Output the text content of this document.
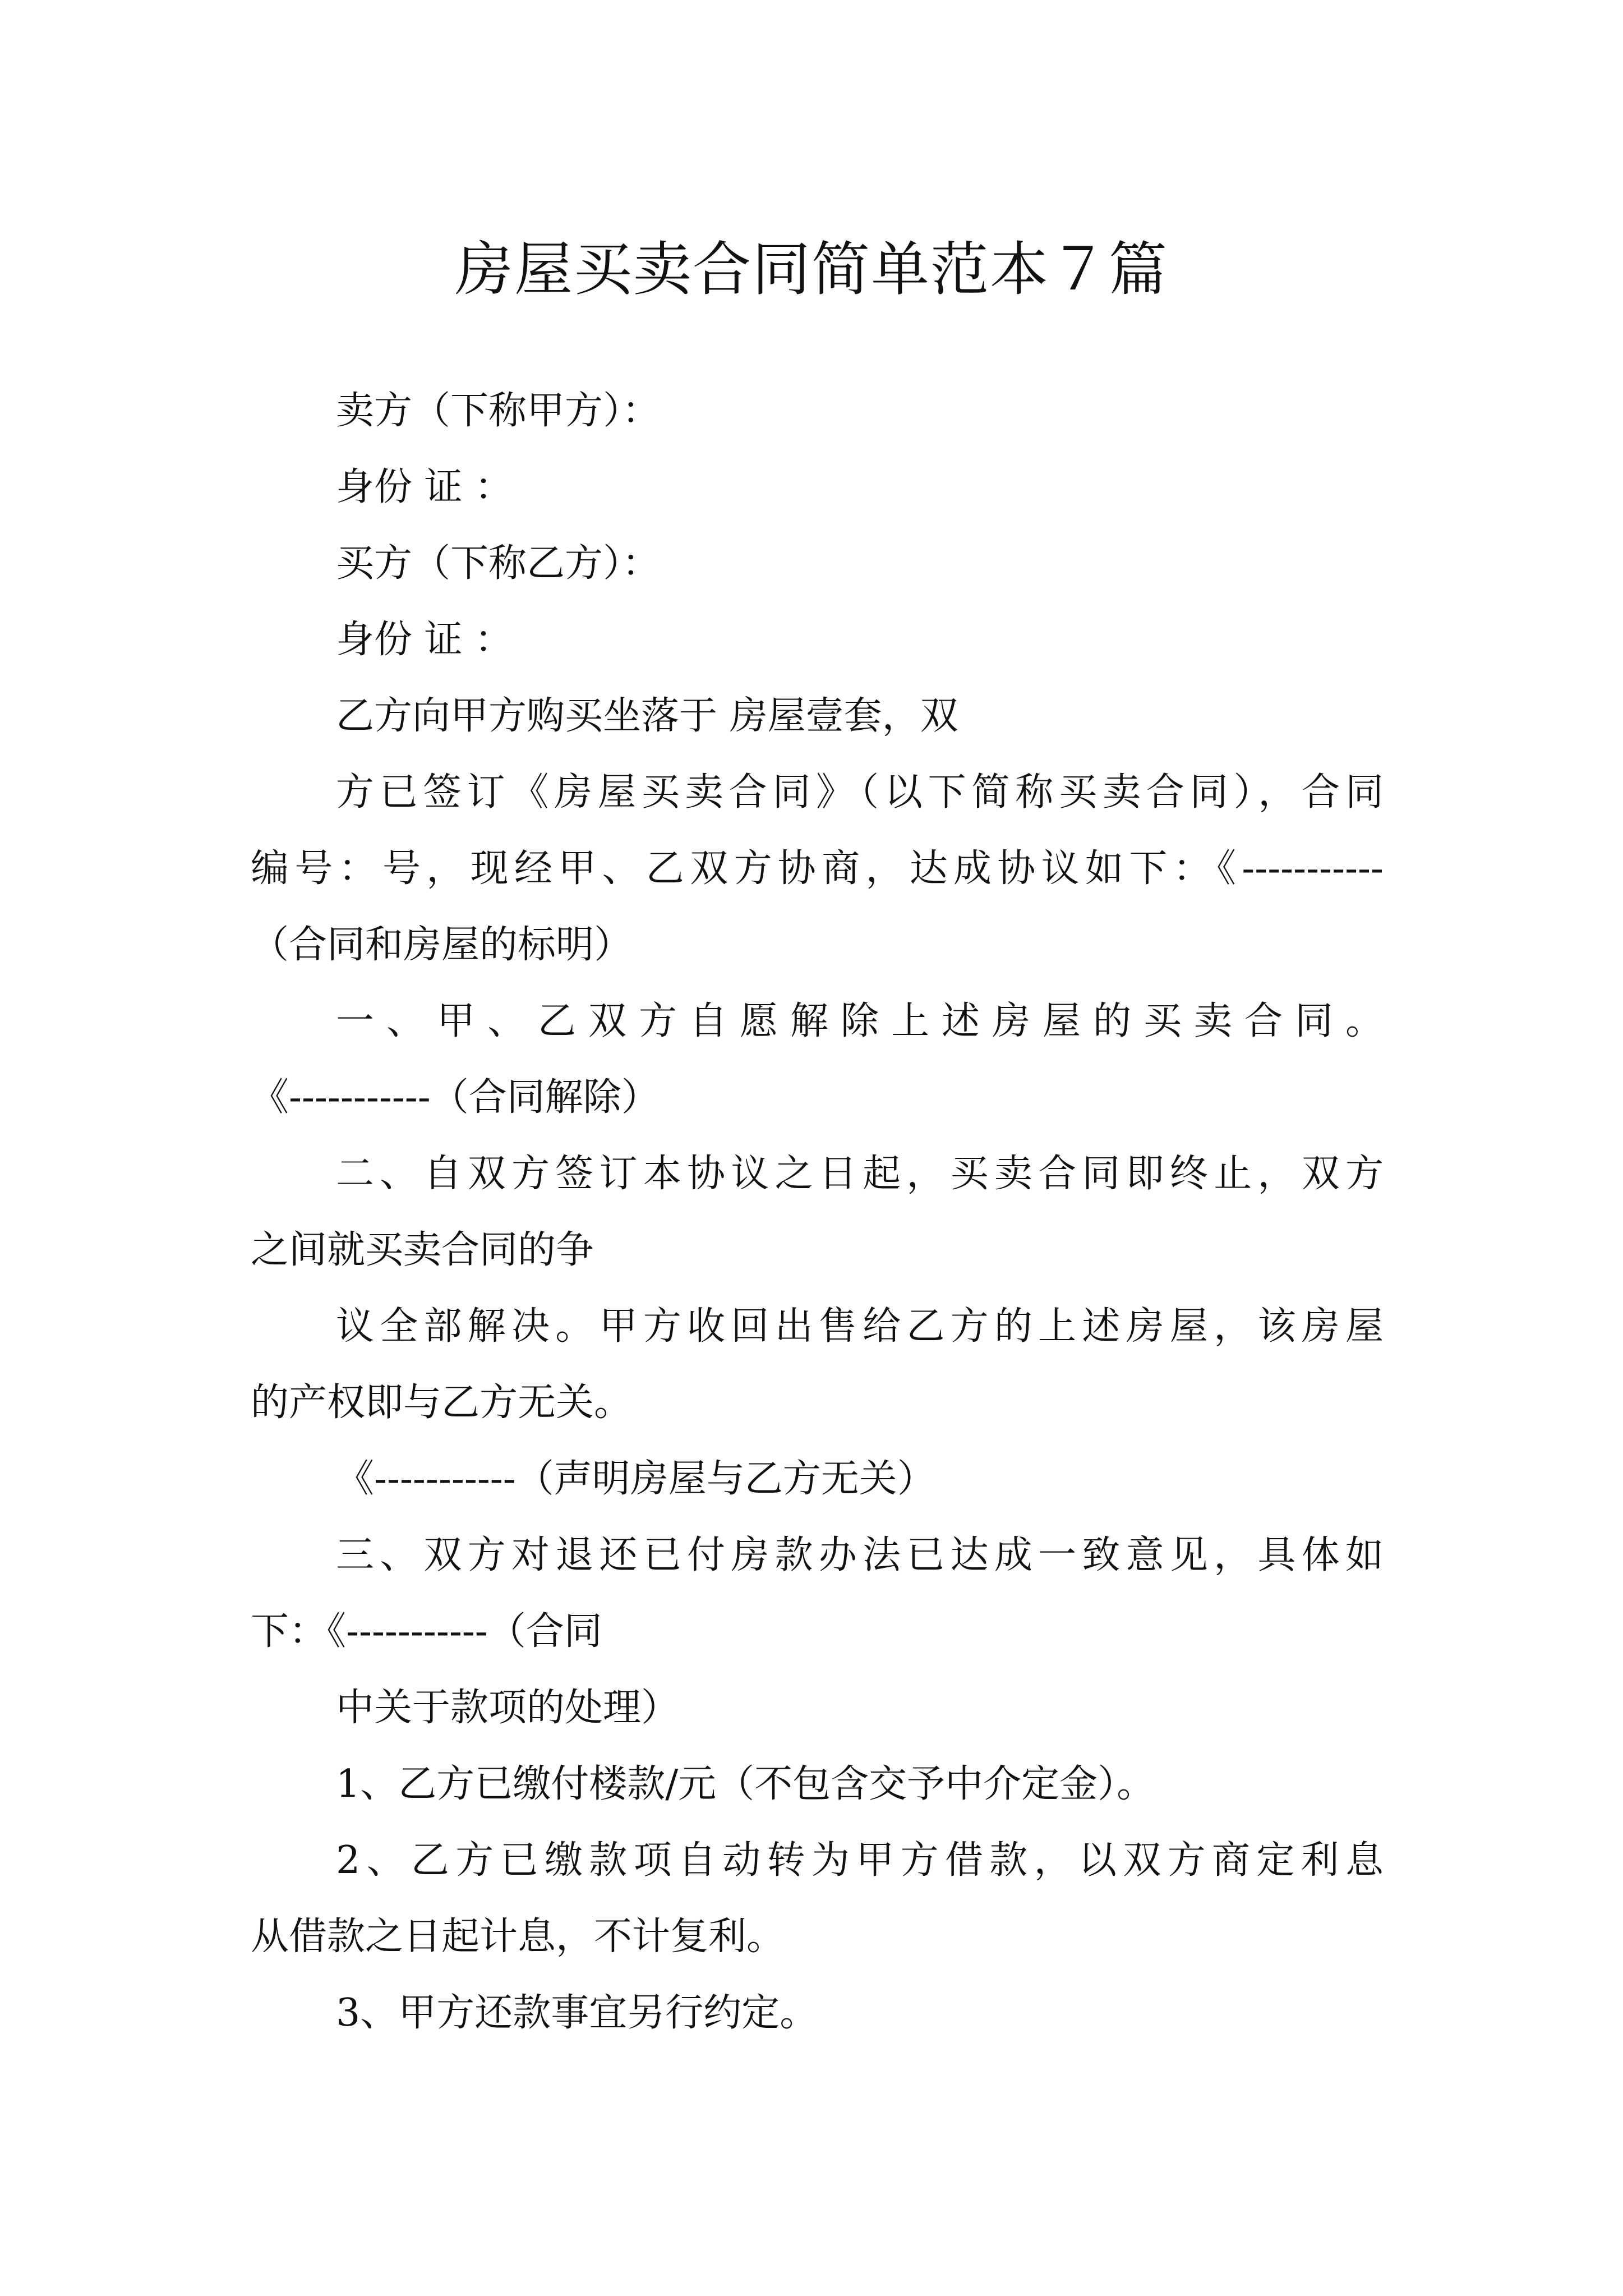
房屋买卖合同简单范本７篇

卖方（下称甲方）：

身份 证 ：

买方（下称乙方）：

身份 证 ：

乙方向甲方购买坐落于 房屋壹套，双

方已签订《房屋买卖合同》（以下简称买卖合同），合同

编号：号，现经甲、乙双方协商，达成协议如下：《-----------

（合同和房屋的标明）

一、甲、乙双方自愿解除上述房屋的买卖合同。

《-----------（合同解除）

二、自双方签订本协议之日起，买卖合同即终止，双方

之间就买卖合同的争

议全部解决。甲方收回出售给乙方的上述房屋，该房屋

的产权即与乙方无关。

《-----------（声明房屋与乙方无关）

三、双方对退还已付房款办法已达成一致意见，具体如

下：《-----------（合同

中关于款项的处理）

1、乙方已缴付楼款/元（不包含交予中介定金）。

2、乙方已缴款项自动转为甲方借款，以双方商定利息

从借款之日起计息，不计复利。

3、甲方还款事宜另行约定。
